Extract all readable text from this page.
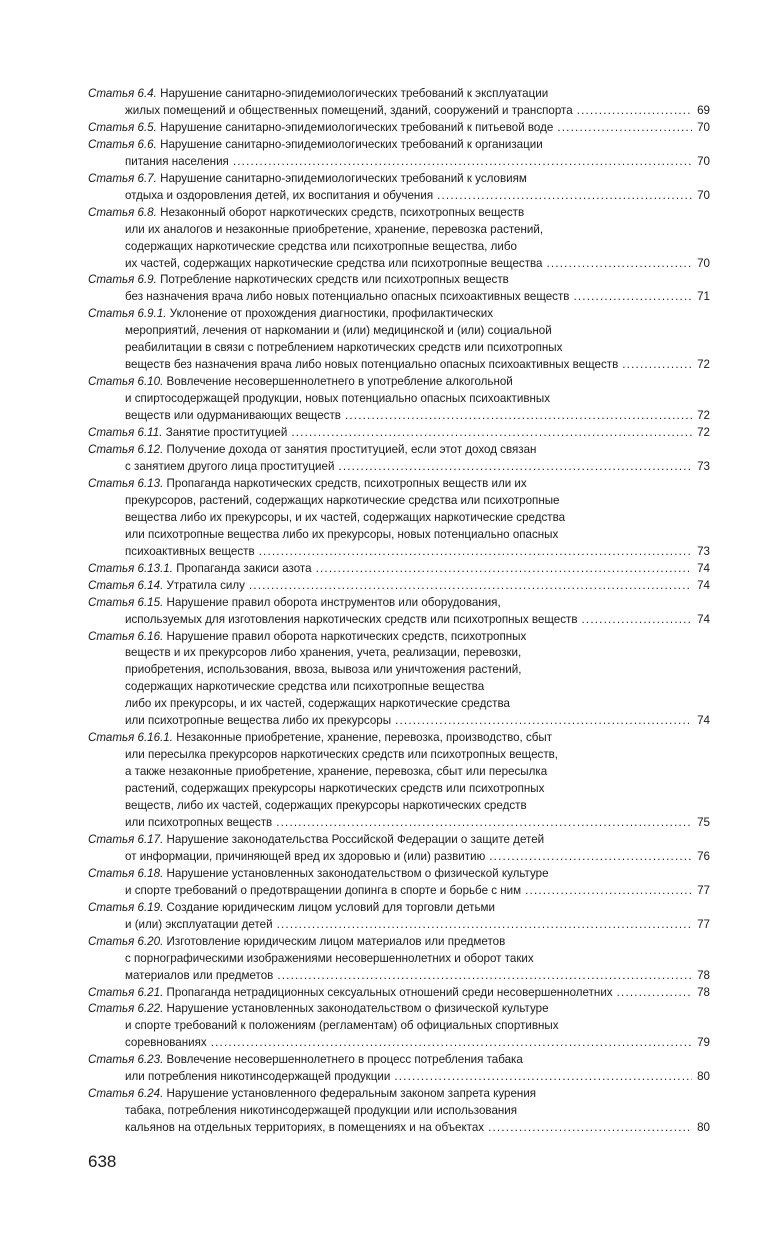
Статья 6.4. Нарушение санитарно-эпидемиологических требований к эксплуатации
жилых помещений и общественных помещений, зданий, сооружений и транспорта .....	69
Статья 6.5. Нарушение санитарно-эпидемиологических требований к питьевой воде .....	70
Статья 6.6. Нарушение санитарно-эпидемиологических требований к организации
питания населения .....	70
Статья 6.7. Нарушение санитарно-эпидемиологических требований к условиям
отдыха и оздоровления детей, их воспитания и обучения .....	70
Статья 6.8. Незаконный оборот наркотических средств, психотропных веществ
или их аналогов и незаконные приобретение, хранение, перевозка растений,
содержащих наркотические средства или психотропные вещества, либо
их частей, содержащих наркотические средства или психотропные вещества .....	70
Статья 6.9. Потребление наркотических средств или психотропных веществ
без назначения врача либо новых потенциально опасных психоактивных веществ .....	71
Статья 6.9.1. Уклонение от прохождения диагностики, профилактических
мероприятий, лечения от наркомании и (или) медицинской и (или) социальной
реабилитации в связи с потреблением наркотических средств или психотропных
веществ без назначения врача либо новых потенциально опасных психоактивных веществ .....	72
Статья 6.10. Вовлечение несовершеннолетнего в употребление алкогольной
и спиртосодержащей продукции, новых потенциально опасных психоактивных
веществ или одурманивающих веществ .....	72
Статья 6.11. Занятие проституцией .....	72
Статья 6.12. Получение дохода от занятия проституцией, если этот доход связан
с занятием другого лица проституцией .....	73
Статья 6.13. Пропаганда наркотических средств, психотропных веществ или их
прекурсоров, растений, содержащих наркотические средства или психотропные
вещества либо их прекурсоры, и их частей, содержащих наркотические средства
или психотропные вещества либо их прекурсоры, новых потенциально опасных
психоактивных веществ .....	73
Статья 6.13.1. Пропаганда закиси азота .....	74
Статья 6.14. Утратила силу .....	74
Статья 6.15. Нарушение правил оборота инструментов или оборудования,
используемых для изготовления наркотических средств или психотропных веществ .....	74
Статья 6.16. Нарушение правил оборота наркотических средств, психотропных
веществ и их прекурсоров либо хранения, учета, реализации, перевозки,
приобретения, использования, ввоза, вывоза или уничтожения растений,
содержащих наркотические средства или психотропные вещества
либо их прекурсоры, и их частей, содержащих наркотические средства
или психотропные вещества либо их прекурсоры .....	74
Статья 6.16.1. Незаконные приобретение, хранение, перевозка, производство, сбыт
или пересылка прекурсоров наркотических средств или психотропных веществ,
а также незаконные приобретение, хранение, перевозка, сбыт или пересылка
растений, содержащих прекурсоры наркотических средств или психотропных
веществ, либо их частей, содержащих прекурсоры наркотических средств
или психотропных веществ .....	75
Статья 6.17. Нарушение законодательства Российской Федерации о защите детей
от информации, причиняющей вред их здоровью и (или) развитию .....	76
Статья 6.18. Нарушение установленных законодательством о физической культуре
и спорте требований о предотвращении допинга в спорте и борьбе с ним .....	77
Статья 6.19. Создание юридическим лицом условий для торговли детьми
и (или) эксплуатации детей .....	77
Статья 6.20. Изготовление юридическим лицом материалов или предметов
с порнографическими изображениями несовершеннолетних и оборот таких
материалов или предметов .....	78
Статья 6.21. Пропаганда нетрадиционных сексуальных отношений среди несовершеннолетних .....	78
Статья 6.22. Нарушение установленных законодательством о физической культуре
и спорте требований к положениям (регламентам) об официальных спортивных
соревнованиях .....	79
Статья 6.23. Вовлечение несовершеннолетнего в процесс потребления табака
или потребления никотинсодержащей продукции .....	80
Статья 6.24. Нарушение установленного федеральным законом запрета курения
табака, потребления никотинсодержащей продукции или использования
кальянов на отдельных территориях, в помещениях и на объектах .....	80
638
